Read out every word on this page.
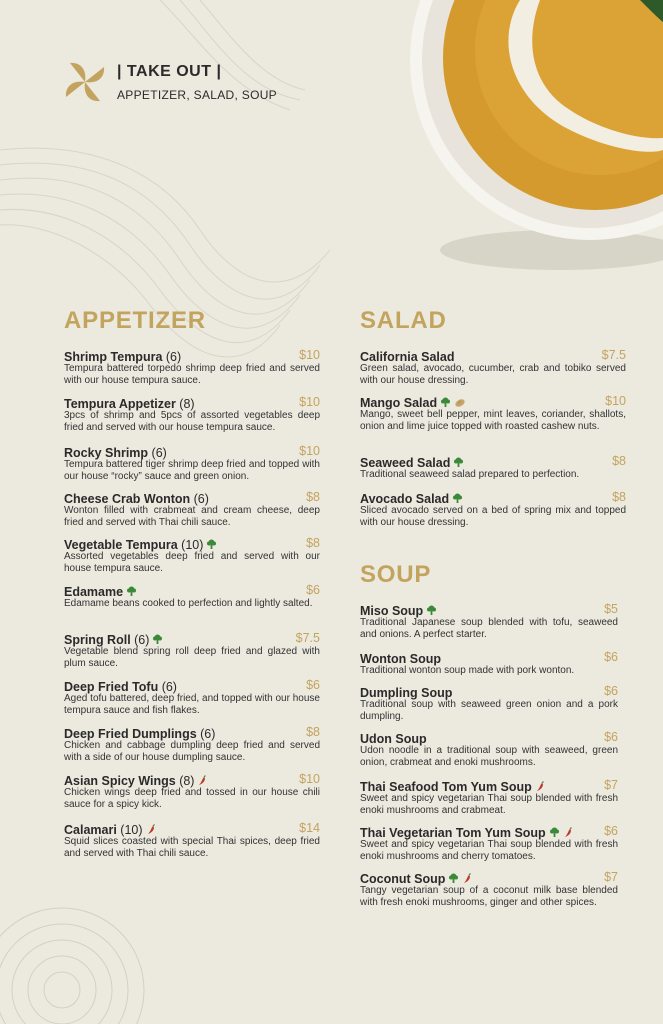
| TAKE OUT |
APPETIZER, SALAD, SOUP
APPETIZER	SALAD
SOUP
Shrimp Tempura (6)	$10
Tempura battered torpedo shrimp deep fried and served with our house tempura sauce.
Tempura Appetizer (8)	$10
3pcs of shrimp and 5pcs of assorted vegetables deep fried and served with our house tempura sauce.
Rocky Shrimp (6)	$10
Tempura battered tiger shrimp deep fried and topped with our house “rocky” sauce and green onion.
Cheese Crab Wonton (6)	$8
Wonton filled with crabmeat and cream cheese, deep fried and served with Thai chili sauce.
Vegetable Tempura (10)	$8
Assorted vegetables deep fried and served with our house tempura sauce.
Edamame	$6
Edamame beans cooked to perfection and lightly salted.
Spring Roll (6)	$7.5
Vegetable blend spring roll deep fried and glazed with plum sauce.
Deep Fried Tofu (6)	$6
Aged tofu battered, deep fried, and topped with our house tempura sauce and fish flakes.
Deep Fried Dumplings (6)	$8
Chicken and cabbage dumpling deep fried and served with a side of our house dumpling sauce.
Asian Spicy Wings (8)	$10
Chicken wings deep fried and tossed in our house chili sauce for a spicy kick.
Calamari (10)	$14
Squid slices coasted with special Thai spices, deep fried and served with Thai chili sauce.
California Salad	$7.5
Green salad, avocado, cucumber, crab and tobiko served with our house dressing.
Mango Salad	$10
Mango, sweet bell pepper, mint leaves, coriander, shallots, onion and lime juice topped with roasted cashew nuts.
Seaweed Salad	$8
Traditional seaweed salad prepared to perfection.
Avocado Salad	$8
Sliced avocado served on a bed of spring mix and topped with our house dressing.
Miso Soup	$5
Traditional Japanese soup blended with tofu, seaweed and onions. A perfect starter.
Wonton Soup	$6
Traditional wonton soup made with pork wonton.
Dumpling Soup	$6
Traditional soup with seaweed green onion and a pork dumpling.
Udon Soup	$6
Udon noodle in a traditional soup with seaweed, green onion, crabmeat and enoki mushrooms.
Thai Seafood Tom Yum Soup	$7
Sweet and spicy vegetarian Thai soup blended with fresh enoki mushrooms and crabmeat.
Thai Vegetarian Tom Yum Soup	$6
Sweet and spicy vegetarian Thai soup blended with fresh enoki mushrooms and cherry tomatoes.
Coconut Soup	$7
Tangy vegetarian soup of a coconut milk base blended with fresh enoki mushrooms, ginger and other spices.
